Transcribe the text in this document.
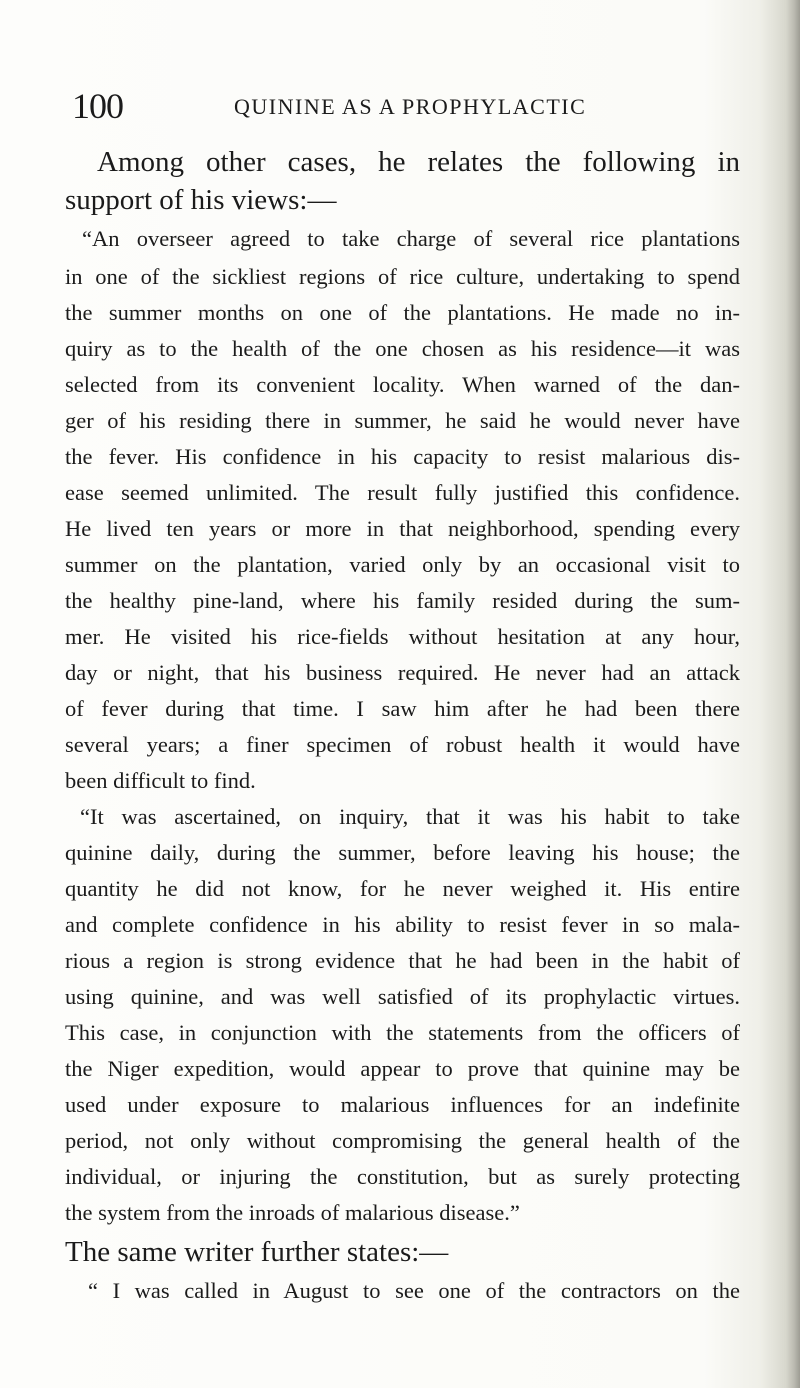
100	QUININE AS A PROPHYLACTIC
Among other cases, he relates the following in
support of his views:—
“An overseer agreed to take charge of several rice plantations
in one of the sickliest regions of rice culture, undertaking to spend
the summer months on one of the plantations. He made no in-
quiry as to the health of the one chosen as his residence—it was
selected from its convenient locality. When warned of the dan-
ger of his residing there in summer, he said he would never have
the fever. His confidence in his capacity to resist malarious dis-
ease seemed unlimited. The result fully justified this confidence.
He lived ten years or more in that neighborhood, spending every
summer on the plantation, varied only by an occasional visit to
the healthy pine-land, where his family resided during the sum-
mer. He visited his rice-fields without hesitation at any hour,
day or night, that his business required. He never had an attack
of fever during that time. I saw him after he had been there
several years; a finer specimen of robust health it would have
been difficult to find.
“It was ascertained, on inquiry, that it was his habit to take
quinine daily, during the summer, before leaving his house; the
quantity he did not know, for he never weighed it. His entire
and complete confidence in his ability to resist fever in so mala-
rious a region is strong evidence that he had been in the habit of
using quinine, and was well satisfied of its prophylactic virtues.
This case, in conjunction with the statements from the officers of
the Niger expedition, would appear to prove that quinine may be
used under exposure to malarious influences for an indefinite
period, not only without compromising the general health of the
individual, or injuring the constitution, but as surely protecting
the system from the inroads of malarious disease.”
The same writer further states:—
“ I was called in August to see one of the contractors on the
